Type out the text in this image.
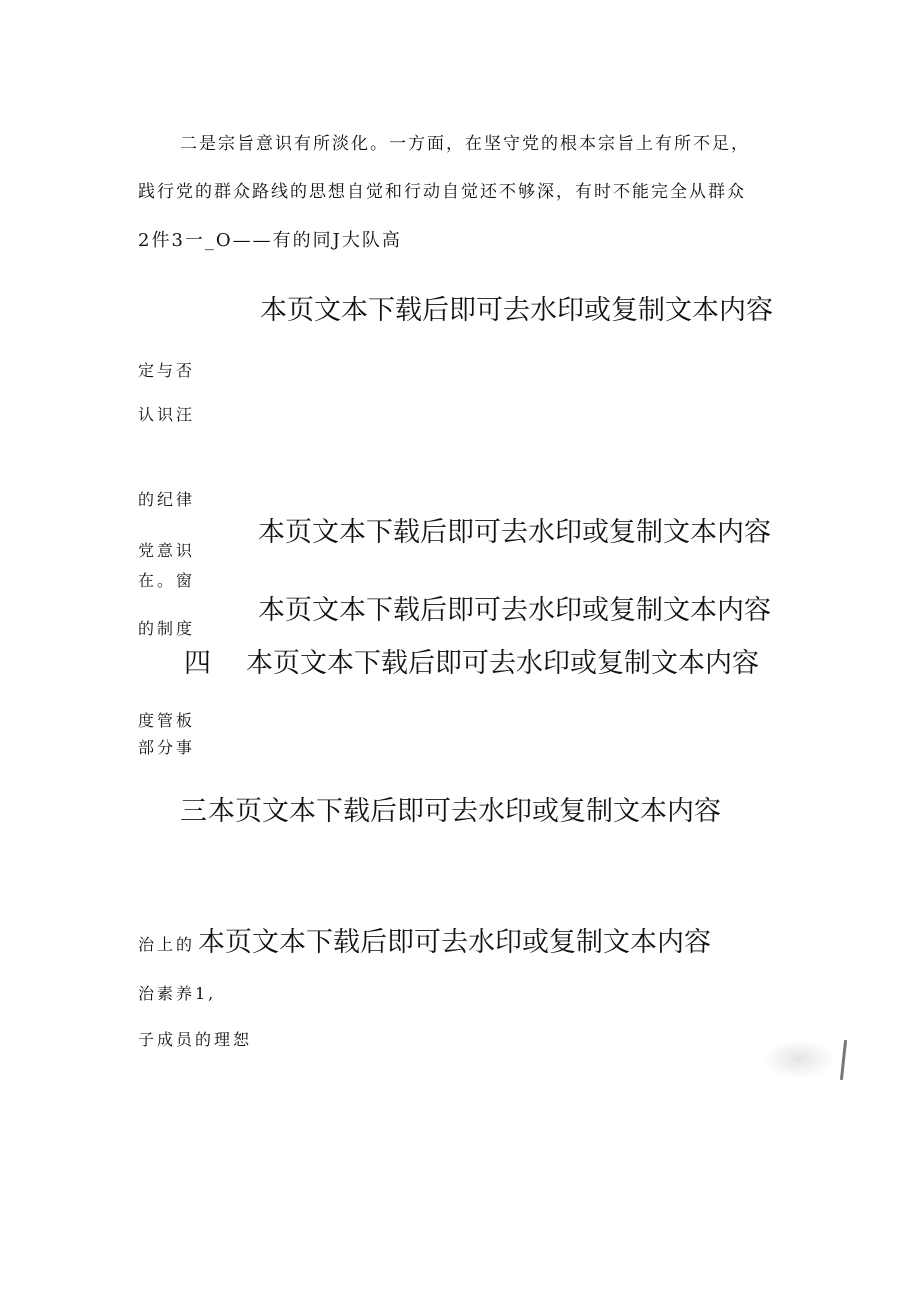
二是宗旨意识有所淡化。一方面，在坚守党的根本宗旨上有所不足，
践行党的群众路线的思想自觉和行动自觉还不够深，有时不能完全从群众
2件3一_O——有的同J大队高
本页文本下载后即可去水印或复制文本内容
定与否
认识汪
的纪律
本页文本下载后即可去水印或复制文本内容
党意识
在。窗
本页文本下载后即可去水印或复制文本内容
的制度
四 本页文本下载后即可去水印或复制文本内容
度管板
部分事
三 本页文本下载后即可去水印或复制文本内容
治上的 本页文本下载后即可去水印或复制文本内容
治素养1,
子成员的理恕
